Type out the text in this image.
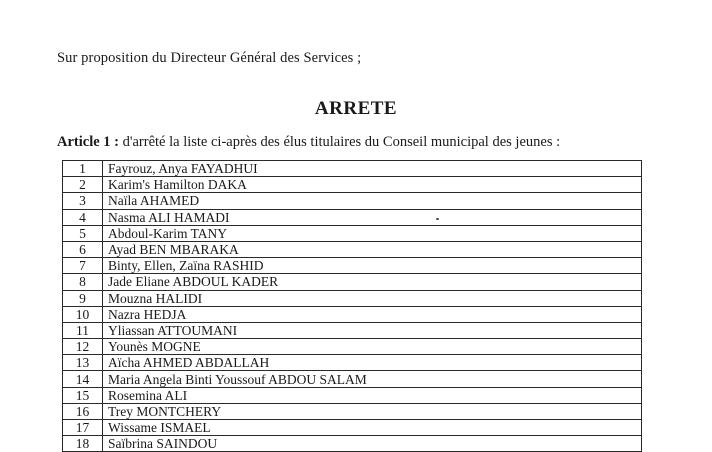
Sur proposition du Directeur Général des Services ;
ARRETE
Article 1 : d'arrêté la liste ci-après des élus titulaires du Conseil municipal des jeunes :
1	Fayrouz, Anya FAYADHUI
2	Karim's Hamilton DAKA
3	Naïla AHAMED
4	Nasma ALI HAMADI
5	Abdoul-Karim TANY
6	Ayad BEN MBARAKA
7	Binty, Ellen, Zaïna RASHID
8	Jade Eliane ABDOUL KADER
9	Mouzna HALIDI
10	Nazra HEDJA
11	Yliassan ATTOUMANI
12	Younès MOGNE
13	Aïcha AHMED ABDALLAH
14	Maria Angela Binti Youssouf ABDOU SALAM
15	Rosemina ALI
16	Trey MONTCHERY
17	Wissame ISMAEL
18	Saïbrina SAINDOU
